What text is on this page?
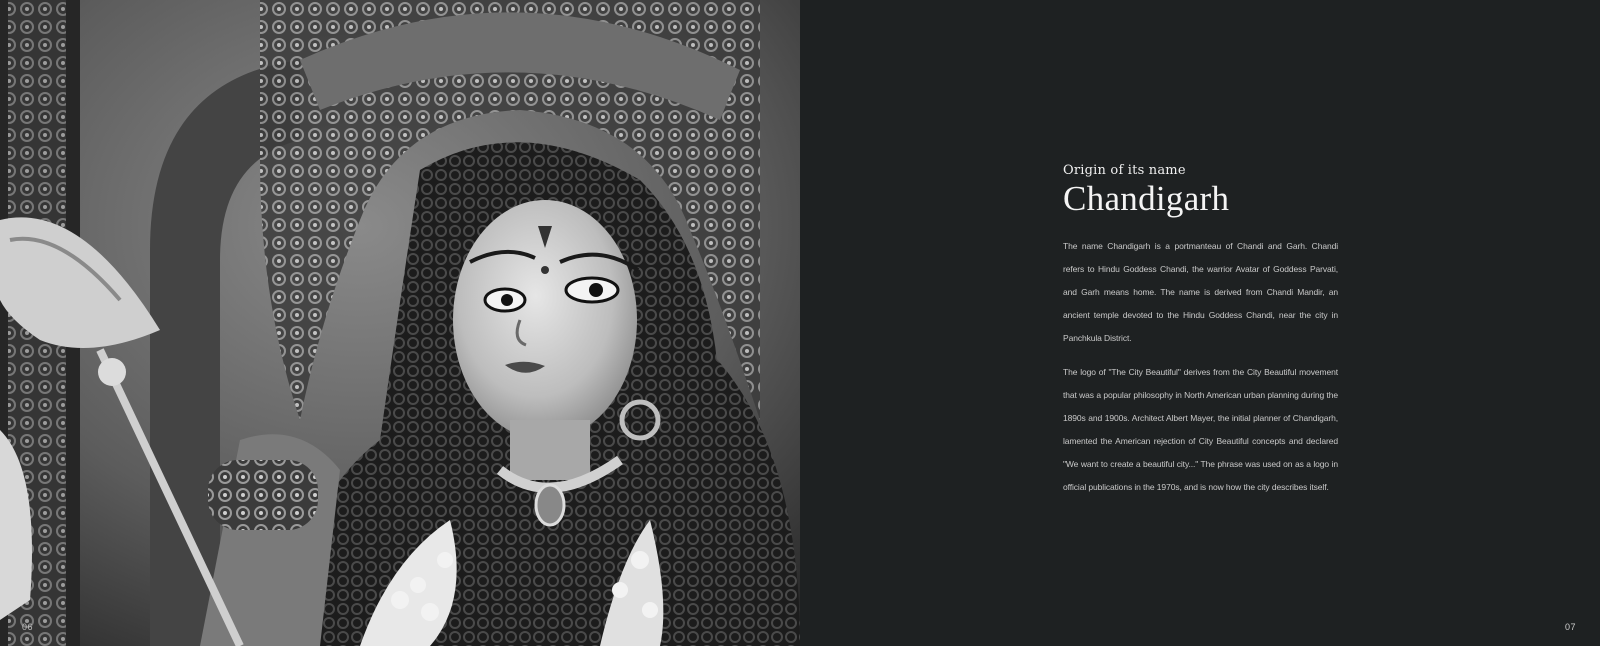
06
Origin of its name
Chandigarh

The name Chandigarh is a portmanteau of Chandi and Garh. Chandi refers to Hindu Goddess Chandi, the warrior Avatar of Goddess Parvati, and Garh means home. The name is derived from Chandi Mandir, an ancient temple devoted to the Hindu Goddess Chandi, near the city in Panchkula District.

The logo of "The City Beautiful" derives from the City Beautiful movement that was a popular philosophy in North American urban planning during the 1890s and 1900s. Architect Albert Mayer, the initial planner of Chandigarh, lamented the American rejection of City Beautiful concepts and declared "We want to create a beautiful city..." The phrase was used on as a logo in official publications in the 1970s, and is now how the city describes itself.

07
